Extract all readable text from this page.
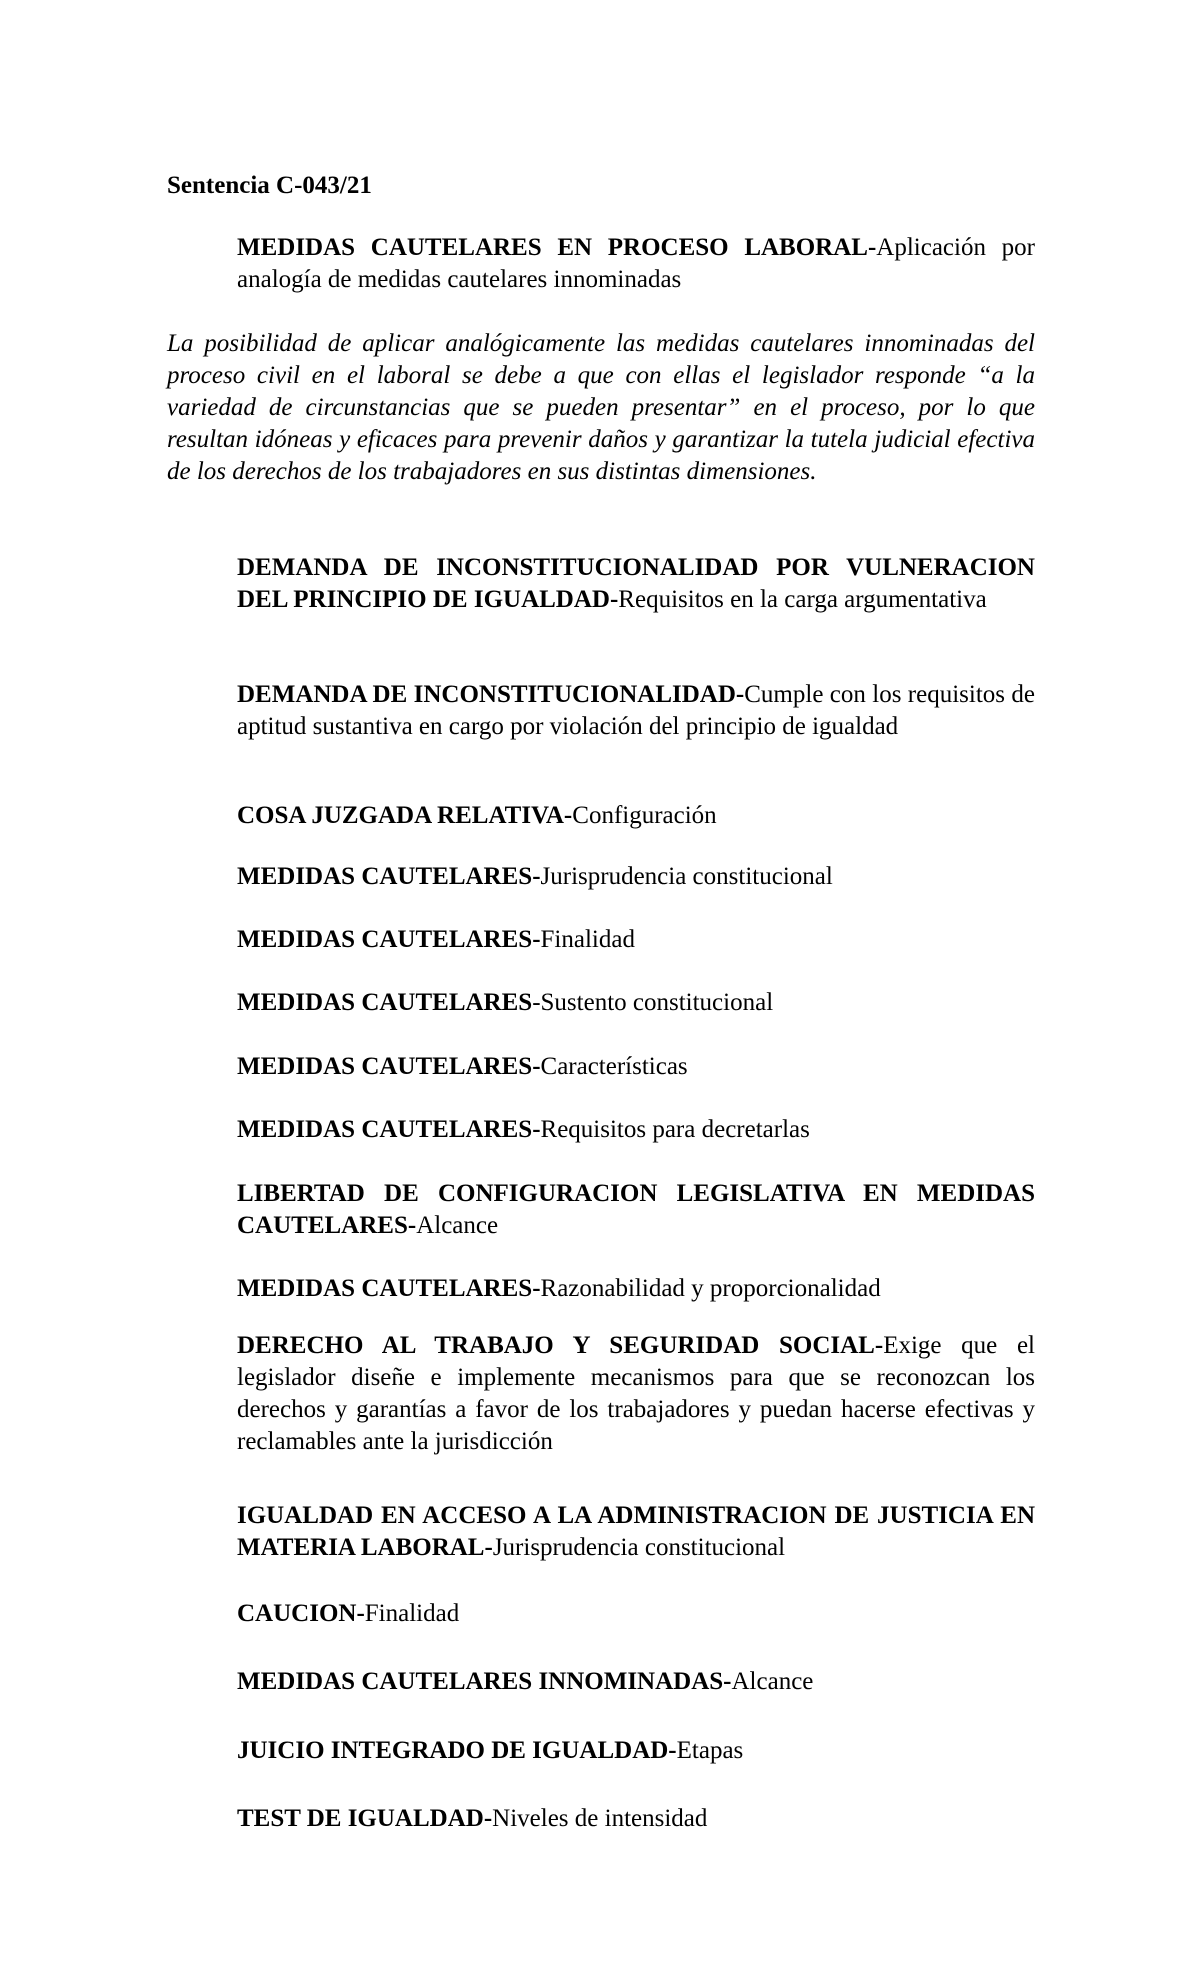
Sentencia C-043/21

MEDIDAS CAUTELARES EN PROCESO LABORAL-Aplicación por analogía de medidas cautelares innominadas

La posibilidad de aplicar analógicamente las medidas cautelares innominadas del proceso civil en el laboral se debe a que con ellas el legislador responde “a la variedad de circunstancias que se pueden presentar” en el proceso, por lo que resultan idóneas y eficaces para prevenir daños y garantizar la tutela judicial efectiva de los derechos de los trabajadores en sus distintas dimensiones.

DEMANDA DE INCONSTITUCIONALIDAD POR VULNERACION DEL PRINCIPIO DE IGUALDAD-Requisitos en la carga argumentativa

DEMANDA DE INCONSTITUCIONALIDAD-Cumple con los requisitos de aptitud sustantiva en cargo por violación del principio de igualdad

COSA JUZGADA RELATIVA-Configuración

MEDIDAS CAUTELARES-Jurisprudencia constitucional

MEDIDAS CAUTELARES-Finalidad

MEDIDAS CAUTELARES-Sustento constitucional

MEDIDAS CAUTELARES-Características

MEDIDAS CAUTELARES-Requisitos para decretarlas

LIBERTAD DE CONFIGURACION LEGISLATIVA EN MEDIDAS CAUTELARES-Alcance

MEDIDAS CAUTELARES-Razonabilidad y proporcionalidad

DERECHO AL TRABAJO Y SEGURIDAD SOCIAL-Exige que el legislador diseñe e implemente mecanismos para que se reconozcan los derechos y garantías a favor de los trabajadores y puedan hacerse efectivas y reclamables ante la jurisdicción

IGUALDAD EN ACCESO A LA ADMINISTRACION DE JUSTICIA EN MATERIA LABORAL-Jurisprudencia constitucional

CAUCION-Finalidad

MEDIDAS CAUTELARES INNOMINADAS-Alcance

JUICIO INTEGRADO DE IGUALDAD-Etapas

TEST DE IGUALDAD-Niveles de intensidad
